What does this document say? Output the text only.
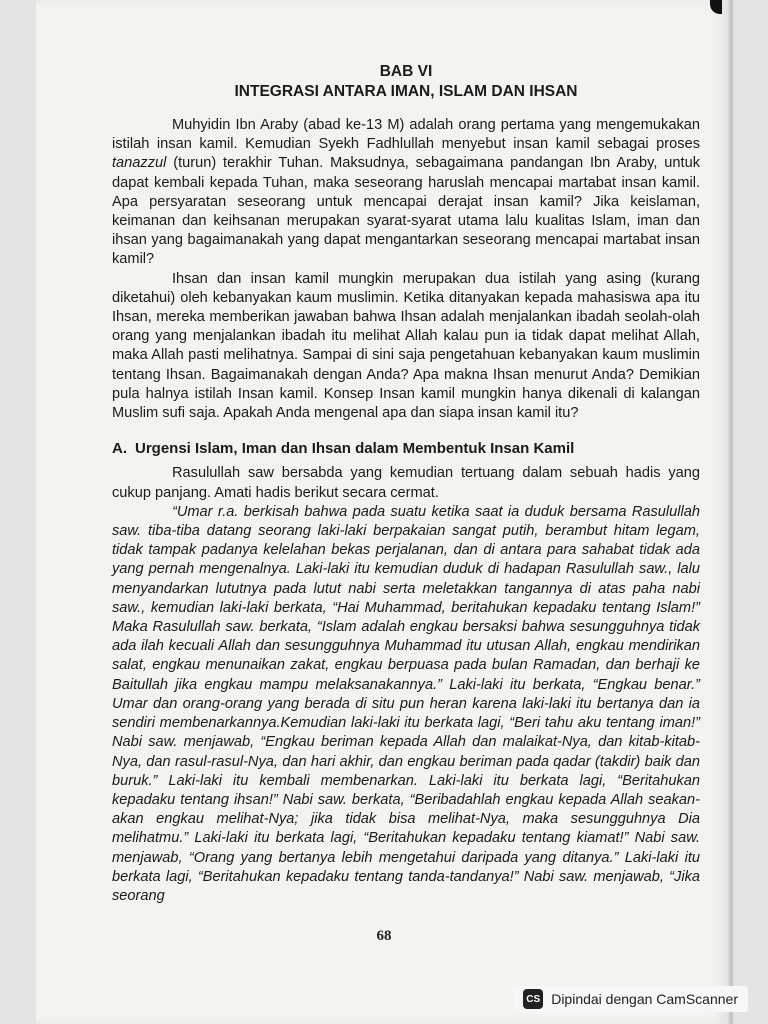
BAB VI

INTEGRASI ANTARA IMAN, ISLAM DAN IHSAN

Muhyidin Ibn Araby (abad ke-13 M) adalah orang pertama yang mengemukakan istilah insan kamil. Kemudian Syekh Fadhlullah menyebut insan kamil sebagai proses tanazzul (turun) terakhir Tuhan. Maksudnya, sebagaimana pandangan Ibn Araby, untuk dapat kembali kepada Tuhan, maka seseorang haruslah mencapai martabat insan kamil. Apa persyaratan seseorang untuk mencapai derajat insan kamil? Jika keislaman, keimanan dan keihsanan merupakan syarat-syarat utama lalu kualitas Islam, iman dan ihsan yang bagaimanakah yang dapat mengantarkan seseorang mencapai martabat insan kamil?

Ihsan dan insan kamil mungkin merupakan dua istilah yang asing (kurang diketahui) oleh kebanyakan kaum muslimin. Ketika ditanyakan kepada mahasiswa apa itu Ihsan, mereka memberikan jawaban bahwa Ihsan adalah menjalankan ibadah seolah-olah orang yang menjalankan ibadah itu melihat Allah kalau pun ia tidak dapat melihat Allah, maka Allah pasti melihatnya. Sampai di sini saja pengetahuan kebanyakan kaum muslimin tentang Ihsan. Bagaimanakah dengan Anda? Apa makna Ihsan menurut Anda? Demikian pula halnya istilah Insan kamil. Konsep Insan kamil mungkin hanya dikenali di kalangan Muslim sufi saja. Apakah Anda mengenal apa dan siapa insan kamil itu?

A. Urgensi Islam, Iman dan Ihsan dalam Membentuk Insan Kamil

Rasulullah saw bersabda yang kemudian tertuang dalam sebuah hadis yang cukup panjang. Amati hadis berikut secara cermat.

“Umar r.a. berkisah bahwa pada suatu ketika saat ia duduk bersama Rasulullah saw. tiba-tiba datang seorang laki-laki berpakaian sangat putih, berambut hitam legam, tidak tampak padanya kelelahan bekas perjalanan, dan di antara para sahabat tidak ada yang pernah mengenalnya. Laki-laki itu kemudian duduk di hadapan Rasulullah saw., lalu menyandarkan lututnya pada lutut nabi serta meletakkan tangannya di atas paha nabi saw., kemudian laki-laki berkata, “Hai Muhammad, beritahukan kepadaku tentang Islam!” Maka Rasulullah saw. berkata, “Islam adalah engkau bersaksi bahwa sesungguhnya tidak ada ilah kecuali Allah dan sesungguhnya Muhammad itu utusan Allah, engkau mendirikan salat, engkau menunaikan zakat, engkau berpuasa pada bulan Ramadan, dan berhaji ke Baitullah jika engkau mampu melaksanakannya.” Laki-laki itu berkata, “Engkau benar.” Umar dan orang-orang yang berada di situ pun heran karena laki-laki itu bertanya dan ia sendiri membenarkannya.Kemudian laki-laki itu berkata lagi, “Beri tahu aku tentang iman!” Nabi saw. menjawab, “Engkau beriman kepada Allah dan malaikat-Nya, dan kitab-kitab-Nya, dan rasul-rasul-Nya, dan hari akhir, dan engkau beriman pada qadar (takdir) baik dan buruk.” Laki-laki itu kembali membenarkan. Laki-laki itu berkata lagi, “Beritahukan kepadaku tentang ihsan!” Nabi saw. berkata, “Beribadahlah engkau kepada Allah seakan-akan engkau melihat-Nya; jika tidak bisa melihat-Nya, maka sesungguhnya Dia melihatmu.” Laki-laki itu berkata lagi, “Beritahukan kepadaku tentang kiamat!” Nabi saw. menjawab, “Orang yang bertanya lebih mengetahui daripada yang ditanya.” Laki-laki itu berkata lagi, “Beritahukan kepadaku tentang tanda-tandanya!” Nabi saw. menjawab, “Jika seorang

68
CS Dipindai dengan CamScanner
